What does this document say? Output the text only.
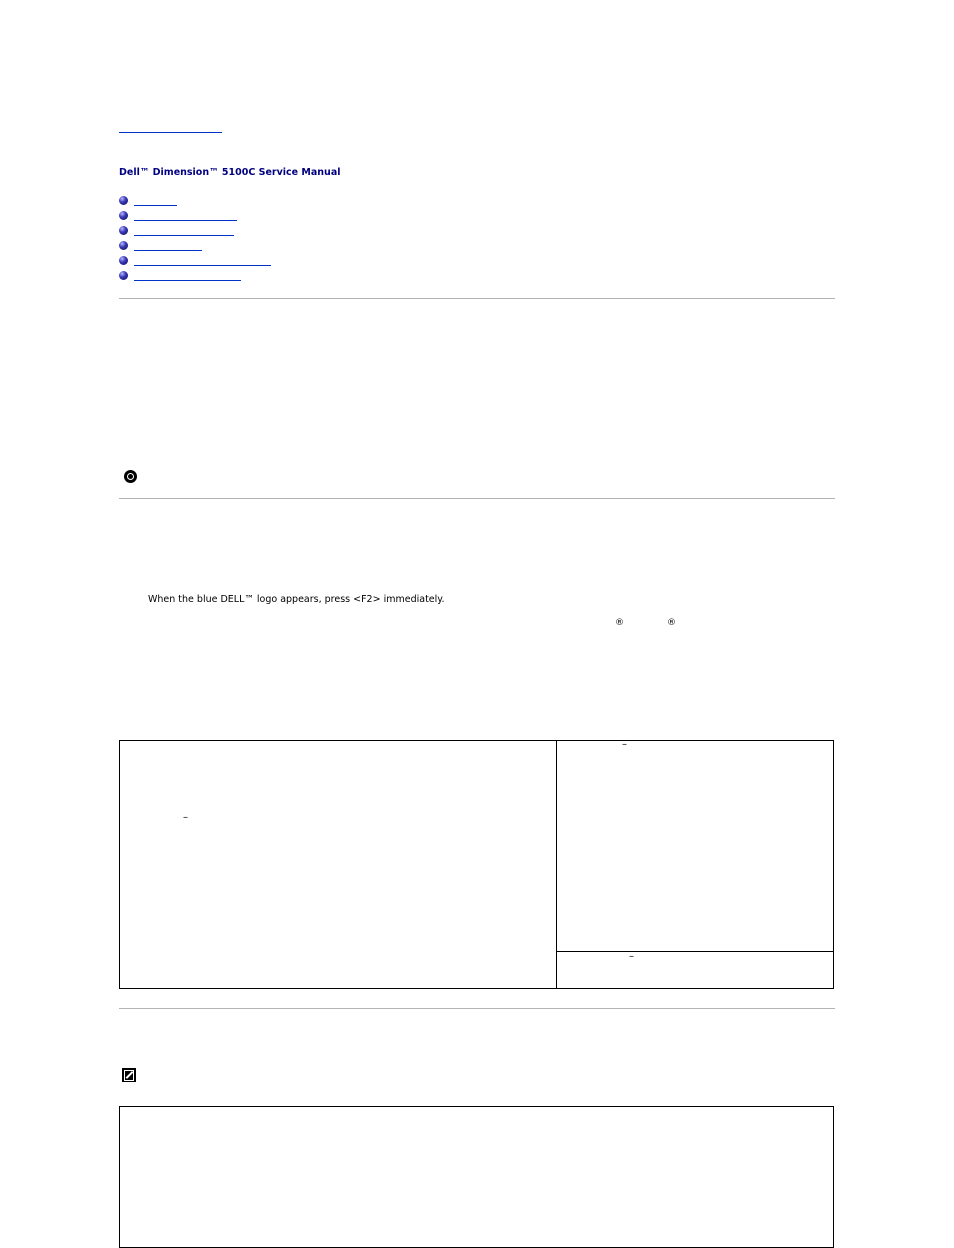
Dell™ Dimension™ 5100C Service Manual
When the blue DELL™ logo appears, press <F2> immediately.
®	®
–
–
–
